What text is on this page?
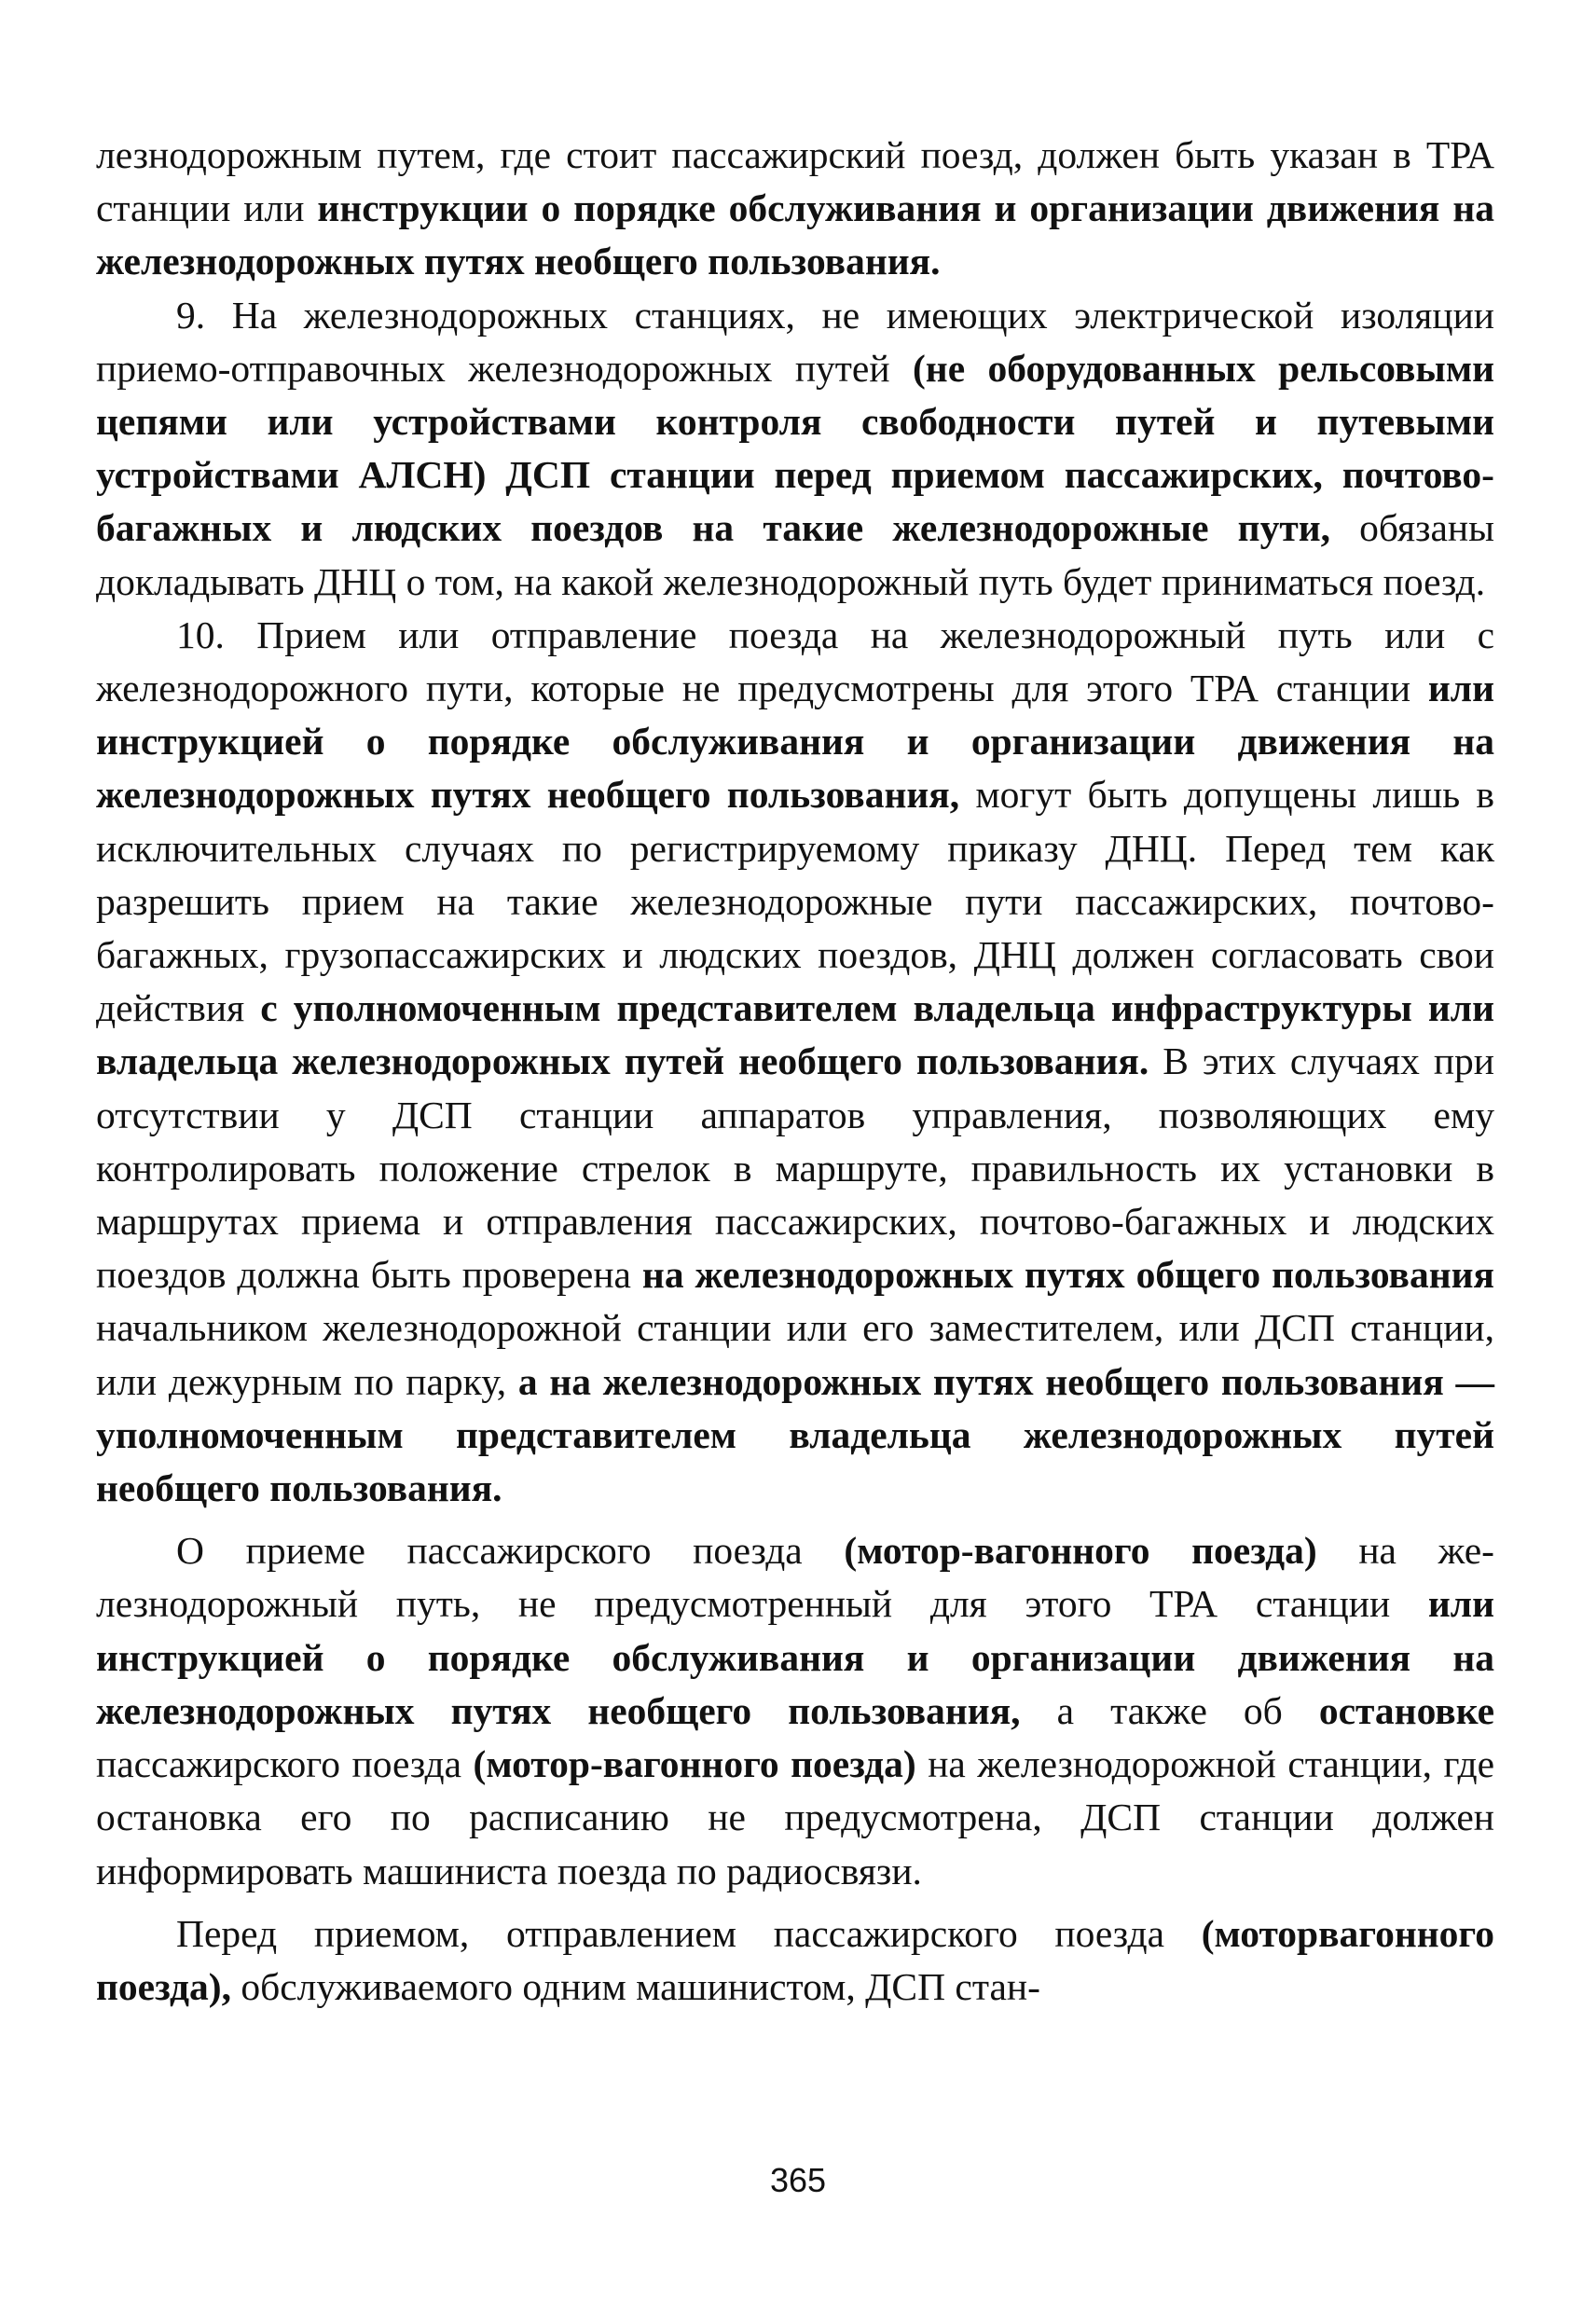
лезнодорожным путем, где стоит пассажирский поезд, должен быть указан в ТРА станции или инструкции о порядке обслуживания и организации движения на железнодорожных путях необщего пользования.

9. На железнодорожных станциях, не имеющих электрической изоляции приемо-отправочных железнодорожных путей (не оборудованных рельсовыми цепями или устройствами контроля свободности путей и путевыми устройствами АЛСН) ДСП станции перед приемом пассажирских, почтово-багажных и людских поездов на такие железнодорожные пути, обязаны докладывать ДНЦ о том, на какой железнодорожный путь будет приниматься поезд.

10. Прием или отправление поезда на железнодорожный путь или с железнодорожного пути, которые не предусмотрены для этого ТРА станции или инструкцией о порядке обслуживания и организации движения на железнодорожных путях необщего пользования, могут быть допущены лишь в исключительных случаях по регистрируемому приказу ДНЦ. Перед тем как разрешить прием на такие железнодорожные пути пассажирских, почтово-багажных, грузопассажирских и людских поездов, ДНЦ должен согласовать свои действия с уполномоченным представителем владельца инфраструктуры или владельца железнодорожных путей необщего пользования. В этих случаях при отсутствии у ДСП станции аппаратов управления, позволяющих ему контролировать положение стрелок в маршруте, правильность их установки в маршрутах приема и отправления пассажирских, почтово-багажных и людских поездов должна быть проверена на железнодорожных путях общего пользования начальником железнодорожной станции или его заместителем, или ДСП станции, или дежурным по парку, а на железнодорожных путях необщего пользования — уполномоченным представителем владельца железнодорожных путей необщего пользования.

О приеме пассажирского поезда (мотор-вагонного поезда) на железнодорожный путь, не предусмотренный для этого ТРА станции или инструкцией о порядке обслуживания и организации движения на железнодорожных путях необщего пользования, а также об остановке пассажирского поезда (мотор-вагонного поезда) на железнодорожной станции, где остановка его по расписанию не предусмотрена, ДСП станции должен информировать машиниста поезда по радиосвязи.

Перед приемом, отправлением пассажирского поезда (моторвагонного поезда), обслуживаемого одним машинистом, ДСП стан-

365
